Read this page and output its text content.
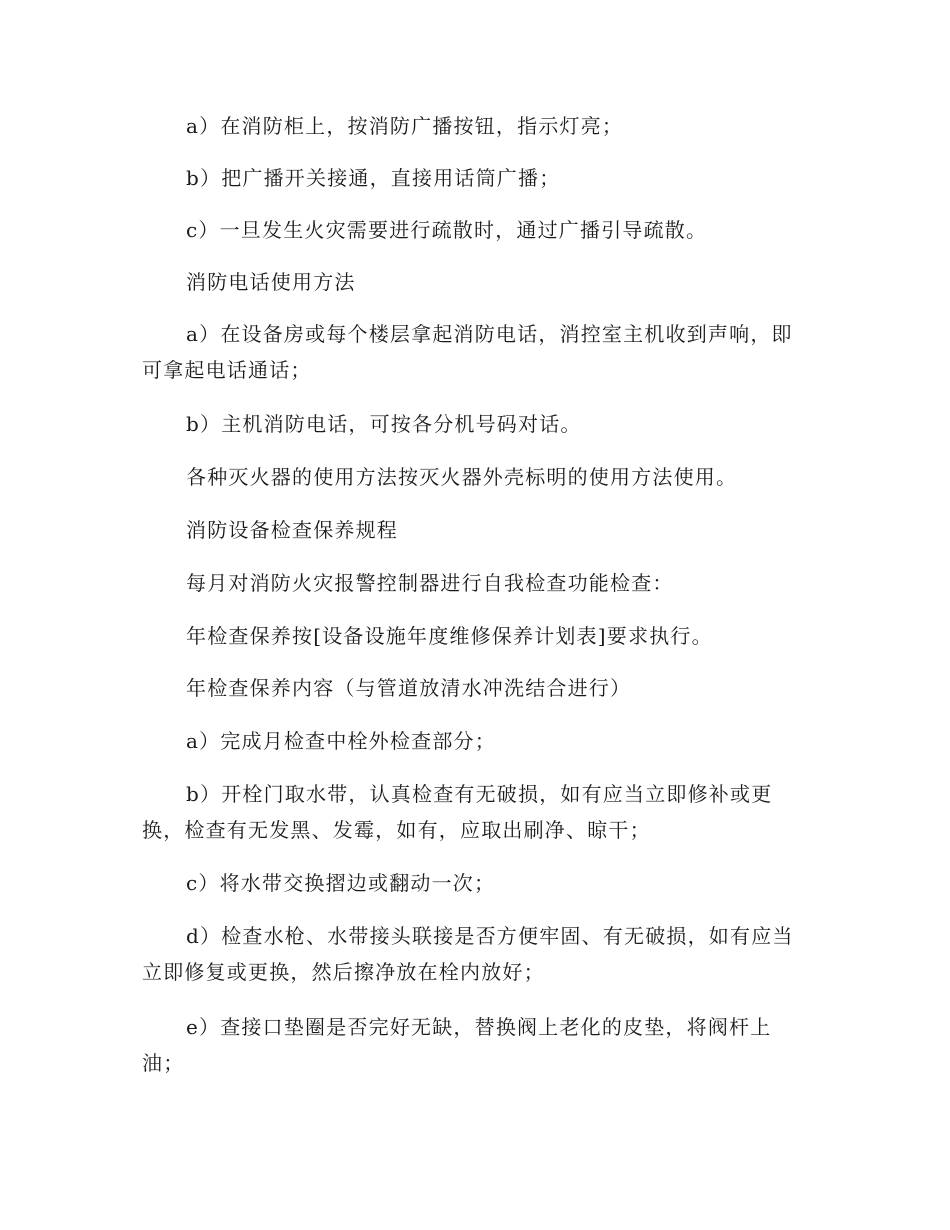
a）在消防柜上，按消防广播按钮，指示灯亮；

b）把广播开关接通，直接用话筒广播；

c）一旦发生火灾需要进行疏散时，通过广播引导疏散。

消防电话使用方法

a）在设备房或每个楼层拿起消防电话，消控室主机收到声响，即可拿起电话通话；

b）主机消防电话，可按各分机号码对话。

各种灭火器的使用方法按灭火器外壳标明的使用方法使用。

消防设备检查保养规程

每月对消防火灾报警控制器进行自我检查功能检查：

年检查保养按[设备设施年度维修保养计划表]要求执行。

年检查保养内容（与管道放清水冲洗结合进行）

a）完成月检查中栓外检查部分；

b）开栓门取水带，认真检查有无破损，如有应当立即修补或更换，检查有无发黑、发霉，如有，应取出刷净、晾干；

c）将水带交换摺边或翻动一次；

d）检查水枪、水带接头联接是否方便牢固、有无破损，如有应当立即修复或更换，然后擦净放在栓内放好；

e）查接口垫圈是否完好无缺，替换阀上老化的皮垫，将阀杆上油；
